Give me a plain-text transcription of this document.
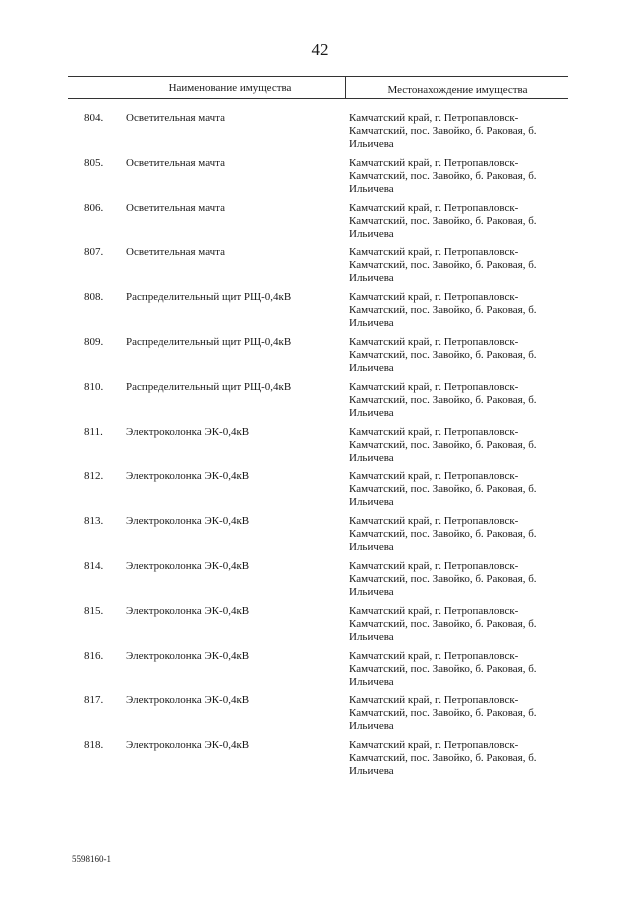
42
Наименование имущества	Местонахождение имущества
804. Осветительная мачта	Камчатский край, г. Петропавловск-Камчатский, пос. Завойко, б. Раковая, б. Ильичева
805. Осветительная мачта	Камчатский край, г. Петропавловск-Камчатский, пос. Завойко, б. Раковая, б. Ильичева
806. Осветительная мачта	Камчатский край, г. Петропавловск-Камчатский, пос. Завойко, б. Раковая, б. Ильичева
807. Осветительная мачта	Камчатский край, г. Петропавловск-Камчатский, пос. Завойко, б. Раковая, б. Ильичева
808. Распределительный щит РЩ-0,4кВ	Камчатский край, г. Петропавловск-Камчатский, пос. Завойко, б. Раковая, б. Ильичева
809. Распределительный щит РЩ-0,4кВ	Камчатский край, г. Петропавловск-Камчатский, пос. Завойко, б. Раковая, б. Ильичева
810. Распределительный щит РЩ-0,4кВ	Камчатский край, г. Петропавловск-Камчатский, пос. Завойко, б. Раковая, б. Ильичева
811. Электроколонка ЭК-0,4кВ	Камчатский край, г. Петропавловск-Камчатский, пос. Завойко, б. Раковая, б. Ильичева
812. Электроколонка ЭК-0,4кВ	Камчатский край, г. Петропавловск-Камчатский, пос. Завойко, б. Раковая, б. Ильичева
813. Электроколонка ЭК-0,4кВ	Камчатский край, г. Петропавловск-Камчатский, пос. Завойко, б. Раковая, б. Ильичева
814. Электроколонка ЭК-0,4кВ	Камчатский край, г. Петропавловск-Камчатский, пос. Завойко, б. Раковая, б. Ильичева
815. Электроколонка ЭК-0,4кВ	Камчатский край, г. Петропавловск-Камчатский, пос. Завойко, б. Раковая, б. Ильичева
816. Электроколонка ЭК-0,4кВ	Камчатский край, г. Петропавловск-Камчатский, пос. Завойко, б. Раковая, б. Ильичева
817. Электроколонка ЭК-0,4кВ	Камчатский край, г. Петропавловск-Камчатский, пос. Завойко, б. Раковая, б. Ильичева
818. Электроколонка ЭК-0,4кВ	Камчатский край, г. Петропавловск-Камчатский, пос. Завойко, б. Раковая, б. Ильичева
5598160-1
